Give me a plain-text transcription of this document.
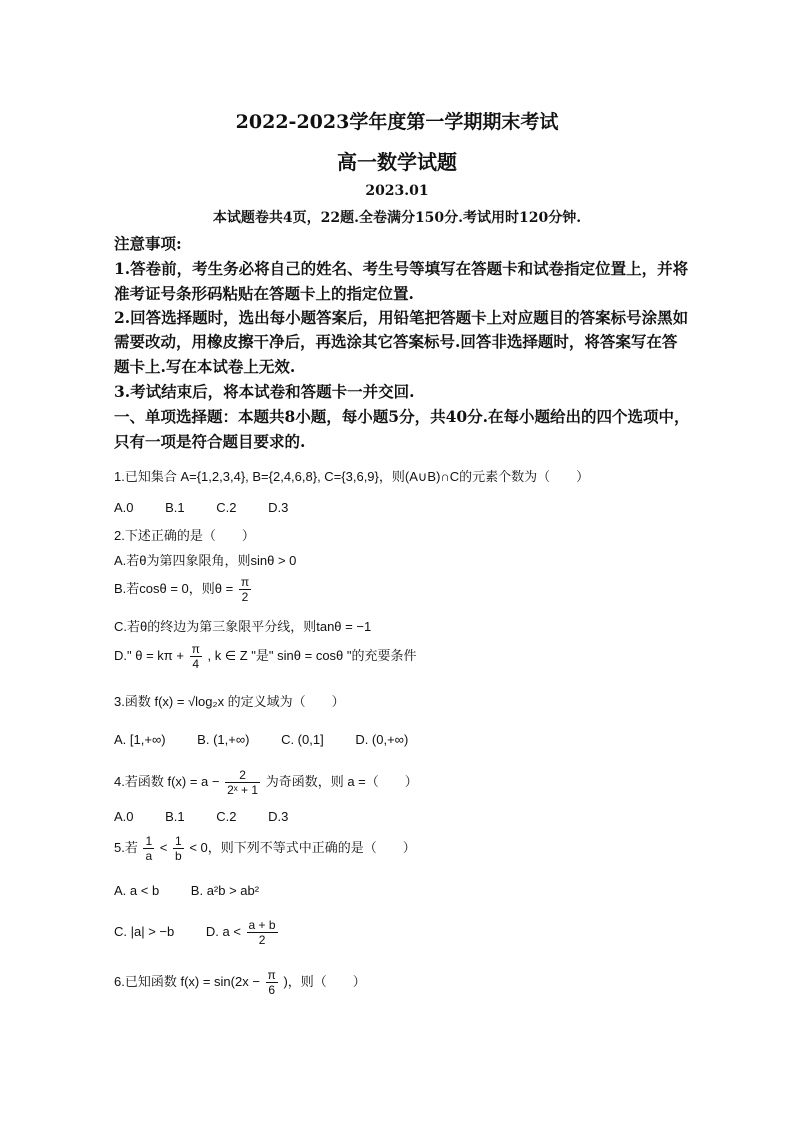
2022-2023学年度第一学期期末考试
高一数学试题
2023.01
本试题卷共4页，22题.全卷满分150分.考试用时120分钟.
注意事项:
1.答卷前，考生务必将自己的姓名、考生号等填写在答题卡和试卷指定位置上，并将
准考证号条形码粘贴在答题卡上的指定位置.
2.回答选择题时，选出每小题答案后，用铅笔把答题卡上对应题目的答案标号涂黑如
需要改动，用橡皮擦干净后，再选涂其它答案标号.回答非选择题时，将答案写在答
题卡上.写在本试卷上无效.
3.考试结束后，将本试卷和答题卡一并交回.
一、单项选择题：本题共8小题，每小题5分，共40分.在每小题给出的四个选项中，
只有一项是符合题目要求的.
1.已知集合 A={1,2,3,4}, B={2,4,6,8}, C={3,6,9}，则(A∪B)∩C的元素个数为（　　）
A.0 B.1 C.2 D.3
2.下述正确的是（　　）
A.若θ为第四象限角，则sinθ > 0
B.若cosθ = 0，则$\theta = \frac{\pi}{2}$
C.若θ的终边为第三象限平分线，则tanθ = −1
D." $\theta = k\pi + \frac{\pi}{4}$ , k ∈ Z "是" sinθ = cosθ "的充要条件
3.函数 f(x) = √log₂x 的定义域为（　　）
A. [1,+∞) B. (1,+∞) C. (0,1] D. (0,+∞)
4.若函数 $f(x) = a - \frac{2}{\text{2ˣ + 1}}$ 为奇函数，则 a =（　　）
A.0 B.1 C.2 D.3
5.若 $\frac{1}{a} < \frac{1}{b} < 0$，则下列不等式中正确的是（　　）
A. a < b B. a²b > ab²
C. |a| > −b D. $a < \frac{a + b}{2}$
6.已知函数 $f(x) = \sin(2x - \frac{\pi}{6}$ )，则（　　）
